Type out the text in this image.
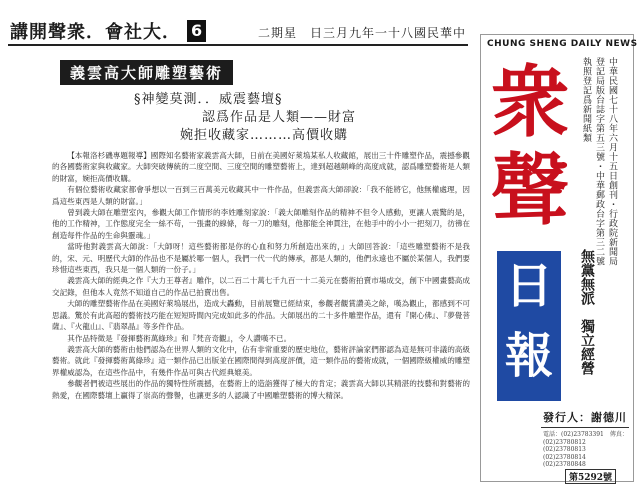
講開聲衆．會社大． 6	二期星　日三月九年一十八國民華中
義雲高大師雕塑藝術
§神變莫測．．威震藝壇§
認爲作品是人類——財富
婉拒收藏家………高價收購

【本報洛杉磯專題報導】國際知名藝術家義雲高大師，日前在美國好萊塢某私人收藏館，展出三十件雕塑作品，震撼參觀的各國藝術家與收藏家。大師突破傳統的二度空間、三度空間的雕塑藝術上，達到超越顛峰的高度成就，認爲雕塑藝術是人類的財富，婉拒高價收購。

有個位藝術收藏家都會爭想以一百到三百萬美元收藏其中一件作品，但義雲高大師卻說：「我不能將它，他無權處理，因爲這些東西是人類的財富。」

曾到義大師在雕塑室內，參觀大師工作情形的李姓雕刻家說：「義大師雕刻作品的精神不但令人感動，更讓人震驚的是，他的工作精神，工作態度完全一絲不苟，一張畫的線條，每一刀的雕刻，他都能全神貫注，在他手中的小小一把刻刀，彷彿在創造每件作品的生命與靈魂。」

當時他對義雲高大師說：「大師呀！這些藝術都是你的心血和努力所創造出來的，」大師回答說：「這些雕塑藝術不是我的，宋、元、明歷代大師的作品也不是屬於哪一個人，我們一代一代的傳承，都是人類的，他們永遠也不屬於某個人，我們要珍惜這些東西，我只是一個人類的一份子。」

義雲高大師的經典之作『大力王尊者』雕作，以二百二十萬七千九百一十二美元在藝術拍賣市場成交，創下中國畫藝高成交記錄，但他本人竟然不知道自己的作品已拍賣出售。

大師的雕塑藝術作品在美國好萊塢展出，造成大轟動，目前展覽已經結束，參觀者觀賞讚美之餘，嘆為觀止，都感到不可思議。驚於有此高超的藝術技巧能在短短時間內完成如此多的作品。大師展出的二十多件雕塑作品，還有『開心佛』、『夢覺菩薩』、『火龍山』、『翡翠晶』等多件作品。

其作品特徵是『發揮藝術萬綠珍』和『梵音奇觀』，令人讚嘆不已。

義雲高大師的藝術由他們認為在世界人類的文化中，佔有非常重要的歷史地位，藝術評論家們都認為這是無可非議的高級藝術。就此『發揮藝術萬綠珍』這一類作品已出版並在國際間得到高度評價，這一類作品的藝術成就，一個國際級權威的雕塑界權威認為，在這些作品中，有幾件作品可與古代經典媲美。

參觀者們被這些展出的作品的獨特性所震撼，在藝術上的造詣獲得了極大的肯定；義雲高大師以其精湛的技藝和對藝術的熱愛，在國際藝壇上贏得了崇高的聲譽，也讓更多的人認識了中國雕塑藝術的博大精深。

CHUNG SHENG DAILY NEWS
衆聲	中華民國七十八年六月十五日創刊・行政院新聞局登記局版台誌字第五三號・中華郵政台字第三二號執照登記爲新聞紙類
日報	無黨無派　獨立經營
發行人：謝德川
電話：(02)23783391　傳真：(02)23780812　(02)23780813　(02)23780814　(02)23780848
第5292號
